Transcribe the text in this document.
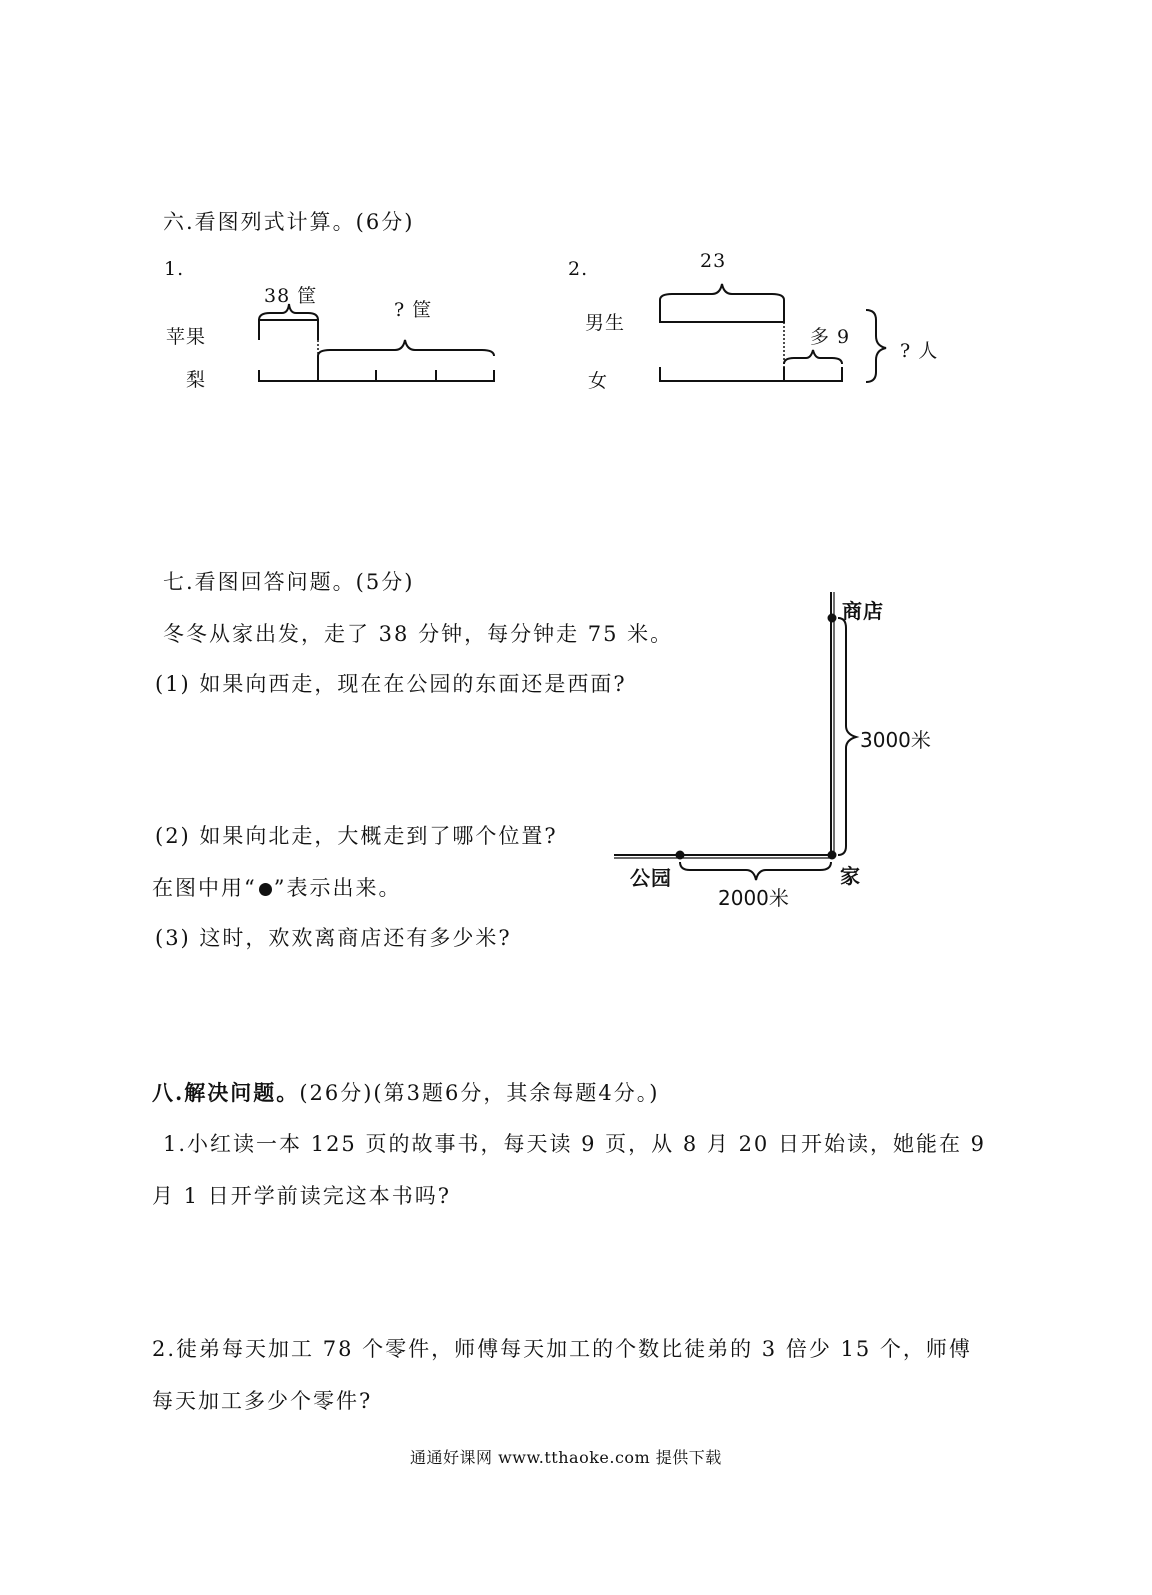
六.看图列式计算。(6分)
1.
38 筐
? 筐
苹果
梨
2.	23
男生
女
多 9
? 人
七.看图回答问题。(5分)
冬冬从家出发，走了 38 分钟，每分钟走 75 米。
(1) 如果向西走，现在在公园的东面还是西面?
(2) 如果向北走，大概走到了哪个位置?
在图中用“ ”表示出来。
(3) 这时，欢欢离商店还有多少米?
商店
3000米
公园	家
2000米
八.解决问题。(26分)(第3题6分，其余每题4分。)
1.小红读一本 125 页的故事书，每天读 9 页，从 8 月 20 日开始读，她能在 9
月 1 日开学前读完这本书吗?
2.徒弟每天加工 78 个零件，师傅每天加工的个数比徒弟的 3 倍少 15 个，师傅
每天加工多少个零件?
通通好课网 www.tthaoke.com 提供下载
